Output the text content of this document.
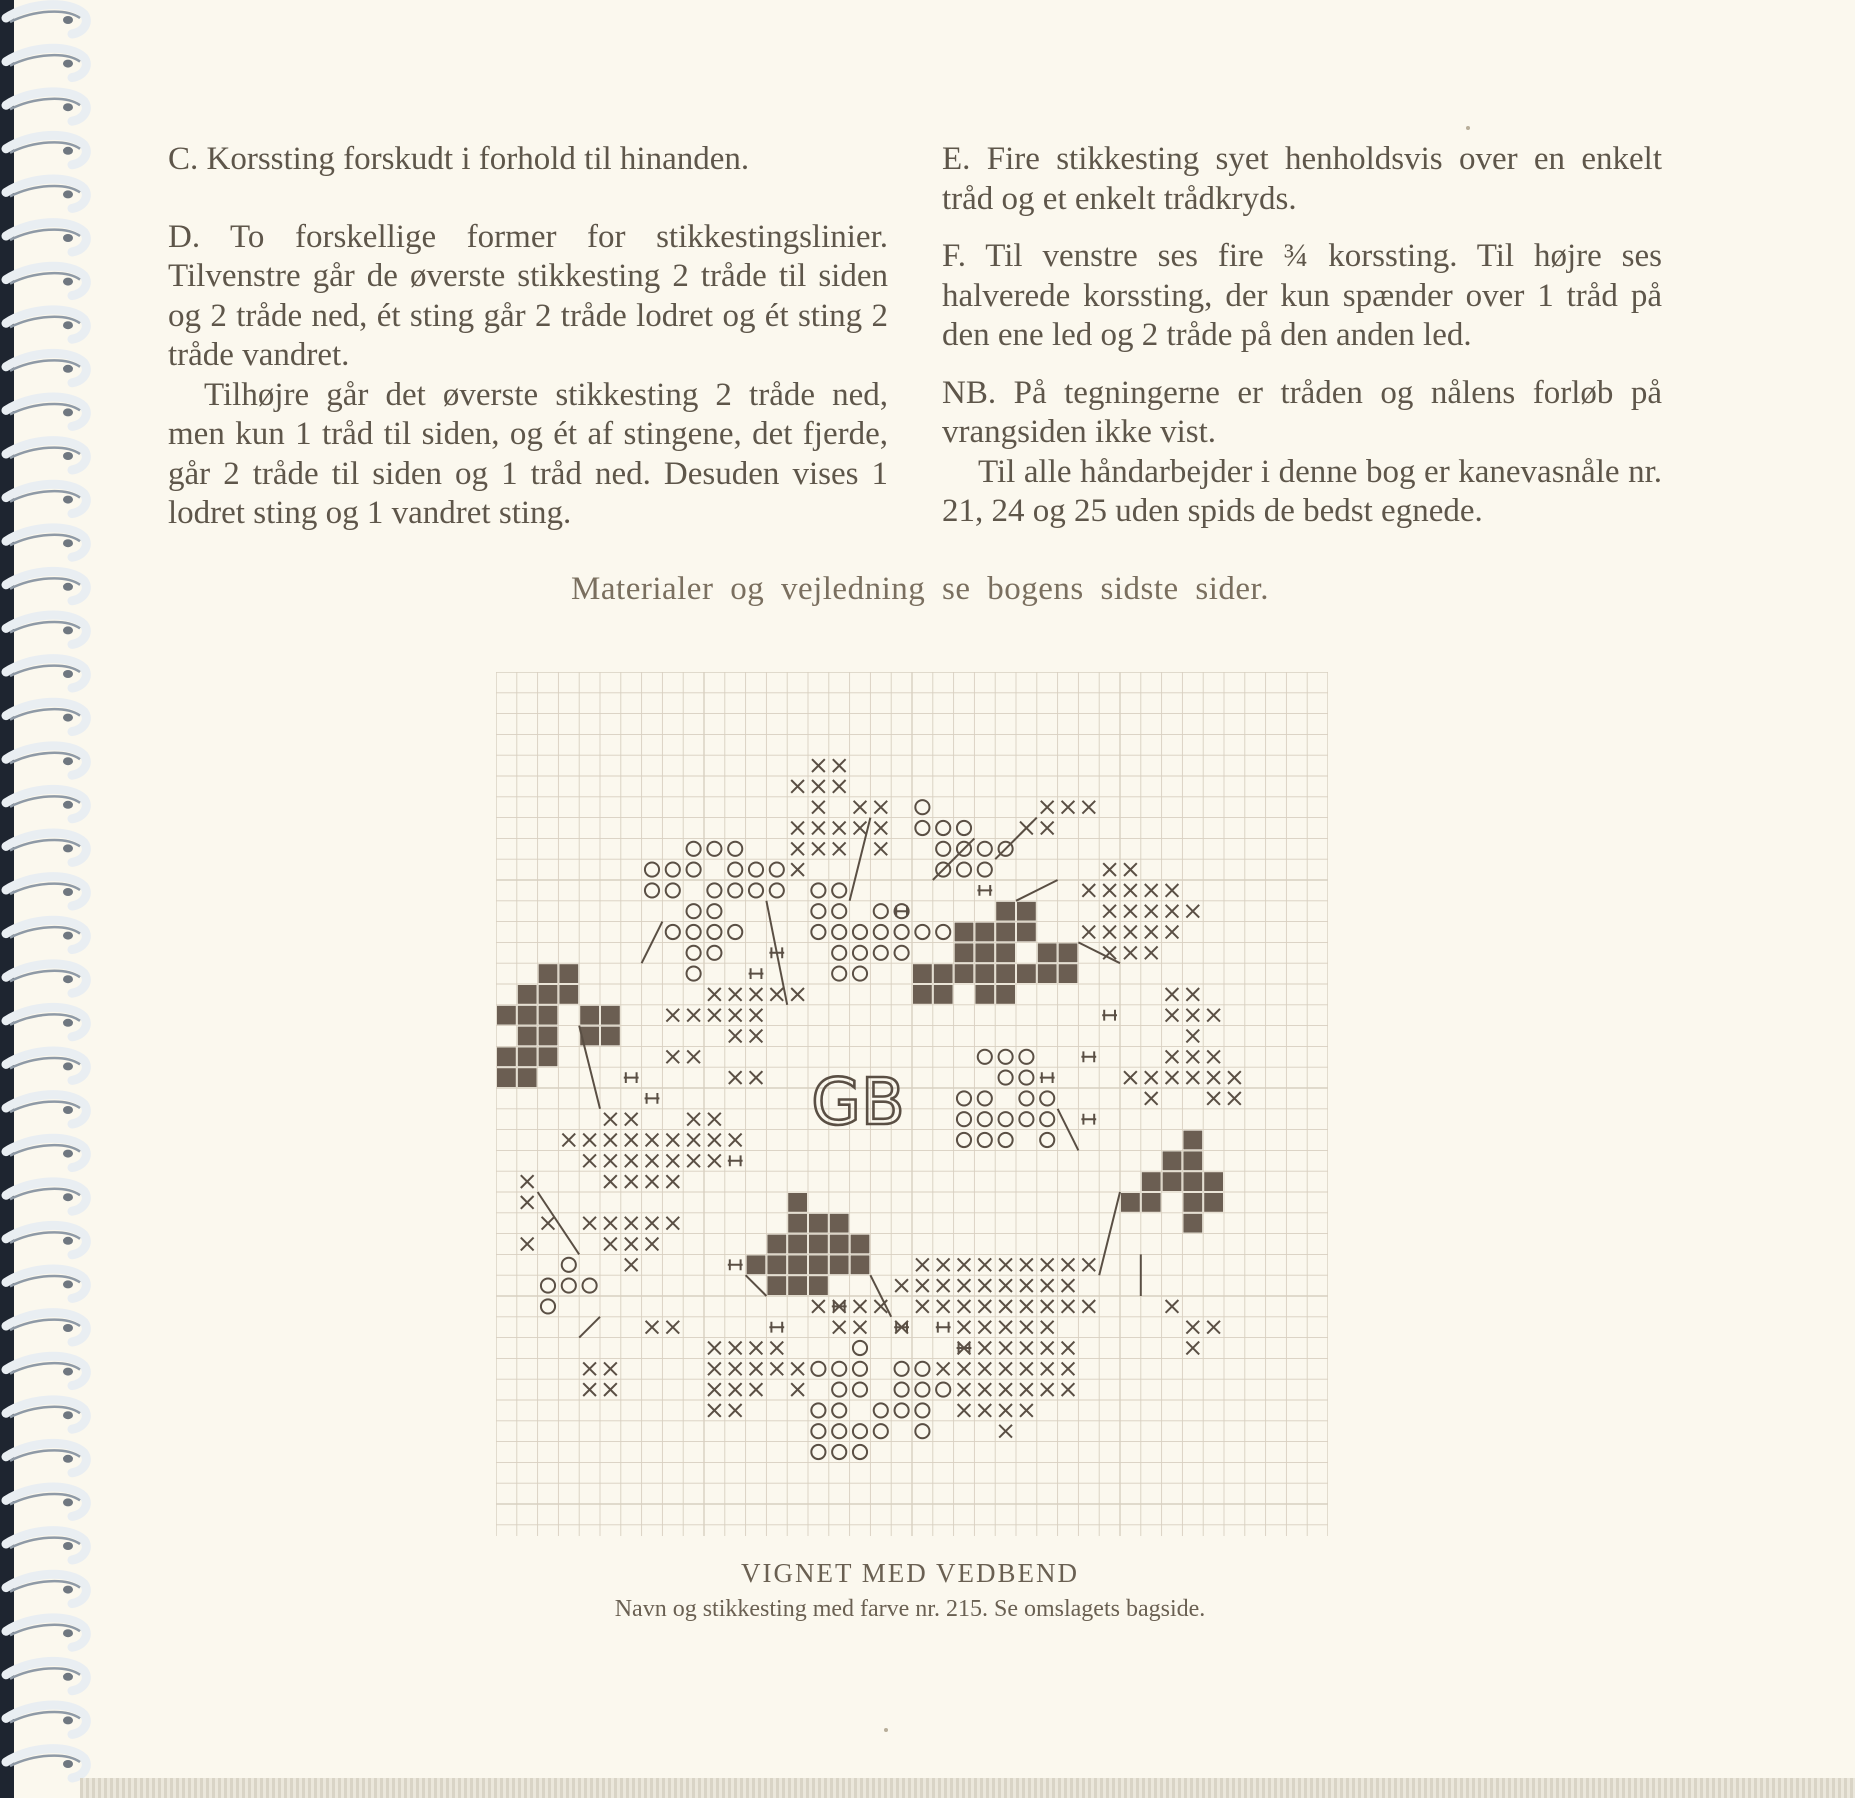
C. Korssting forskudt i forhold til hinanden.

D. To forskellige former for stikkestingslinier. Tilvenstre går de øverste stikkesting 2 tråde til siden og 2 tråde ned, ét sting går 2 tråde lodret og ét sting 2 tråde vandret.

Tilhøjre går det øverste stikkesting 2 tråde ned, men kun 1 tråd til siden, og ét af stingene, det fjerde, går 2 tråde til siden og 1 tråd ned. Desuden vises 1 lodret sting og 1 vandret sting.

E. Fire stikkesting syet henholdsvis over en enkelt tråd og et enkelt trådkryds.

F. Til venstre ses fire ¾ korssting. Til højre ses halverede korssting, der kun spænder over 1 tråd på den ene led og 2 tråde på den anden led.

NB. På tegningerne er tråden og nålens forløb på vrangsiden ikke vist.

Til alle håndarbejder i denne bog er kanevasnåle nr. 21, 24 og 25 uden spids de bedst egnede.

Materialer og vejledning se bogens sidste sider.
GB
VIGNET MED VEDBEND
Navn og stikkesting med farve nr. 215. Se omslagets bagside.
